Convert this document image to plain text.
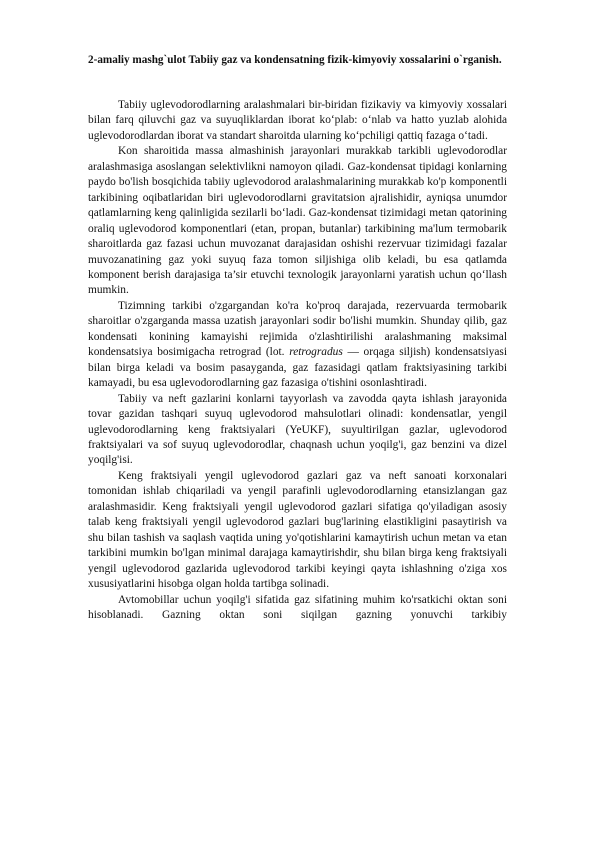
2-amaliy mashg`ulot Tabiiy gaz va kondensatning fizik-kimyoviy xossalarini o`rganish.

Tabiiy uglevodorodlarning aralashmalari bir-biridan fizikaviy va kimyoviy xossalari bilan farq qiluvchi gaz va suyuqliklardan iborat ko‘plab: o‘nlab va hatto yuzlab alohida uglevodorodlardan iborat va standart sharoitda ularning ko‘pchiligi qattiq fazaga o‘tadi.

Kon sharoitida massa almashinish jarayonlari murakkab tarkibli uglevodorodlar aralashmasiga asoslangan selektivlikni namoyon qiladi. Gaz-kondensat tipidagi konlarning paydo bo'lish bosqichida tabiiy uglevodorod aralashmalarining murakkab ko'p komponentli tarkibining oqibatlaridan biri uglevodorodlarni gravitatsion ajralishidir, ayniqsa unumdor qatlamlarning keng qalinligida sezilarli bo‘ladi. Gaz-kondensat tizimidagi metan qatorining oraliq uglevodorod komponentlari (etan, propan, butanlar) tarkibining ma'lum termobarik sharoitlarda gaz fazasi uchun muvozanat darajasidan oshishi rezervuar tizimidagi fazalar muvozanatining gaz yoki suyuq faza tomon siljishiga olib keladi, bu esa qatlamda komponent berish darajasiga ta’sir etuvchi texnologik jarayonlarni yaratish uchun qo‘llash mumkin.

Tizimning tarkibi o'zgargandan ko'ra ko'proq darajada, rezervuarda termobarik sharoitlar o'zgarganda massa uzatish jarayonlari sodir bo'lishi mumkin. Shunday qilib, gaz kondensati konining kamayishi rejimida o'zlashtirilishi aralashmaning maksimal kondensatsiya bosimigacha retrograd (lot. retrogradus — orqaga siljish) kondensatsiyasi bilan birga keladi va bosim pasayganda, gaz fazasidagi qatlam fraktsiyasining tarkibi kamayadi, bu esa uglevodorodlarning gaz fazasiga o'tishini osonlashtiradi.

Tabiiy va neft gazlarini konlarni tayyorlash va zavodda qayta ishlash jarayonida tovar gazidan tashqari suyuq uglevodorod mahsulotlari olinadi: kondensatlar, yengil uglevodorodlarning keng fraktsiyalari (YeUKF), suyultirilgan gazlar, uglevodorod fraktsiyalari va sof suyuq uglevodorodlar, chaqnash uchun yoqilg'i, gaz benzini va dizel yoqilg'isi.

Keng fraktsiyali yengil uglevodorod gazlari gaz va neft sanoati korxonalari tomonidan ishlab chiqariladi va yengil parafinli uglevodorodlarning etansizlangan gaz aralashmasidir. Keng fraktsiyali yengil uglevodorod gazlari sifatiga qo'yiladigan asosiy talab keng fraktsiyali yengil uglevodorod gazlari bug'larining elastikligini pasaytirish va shu bilan tashish va saqlash vaqtida uning yo'qotishlarini kamaytirish uchun metan va etan tarkibini mumkin bo'lgan minimal darajaga kamaytirishdir, shu bilan birga keng fraktsiyali yengil uglevodorod gazlarida uglevodorod tarkibi keyingi qayta ishlashning o'ziga xos xususiyatlarini hisobga olgan holda tartibga solinadi.

Avtomobillar uchun yoqilg'i sifatida gaz sifatining muhim ko'rsatkichi oktan soni hisoblanadi. Gazning oktan soni siqilgan gazning yonuvchi tarkibiy
